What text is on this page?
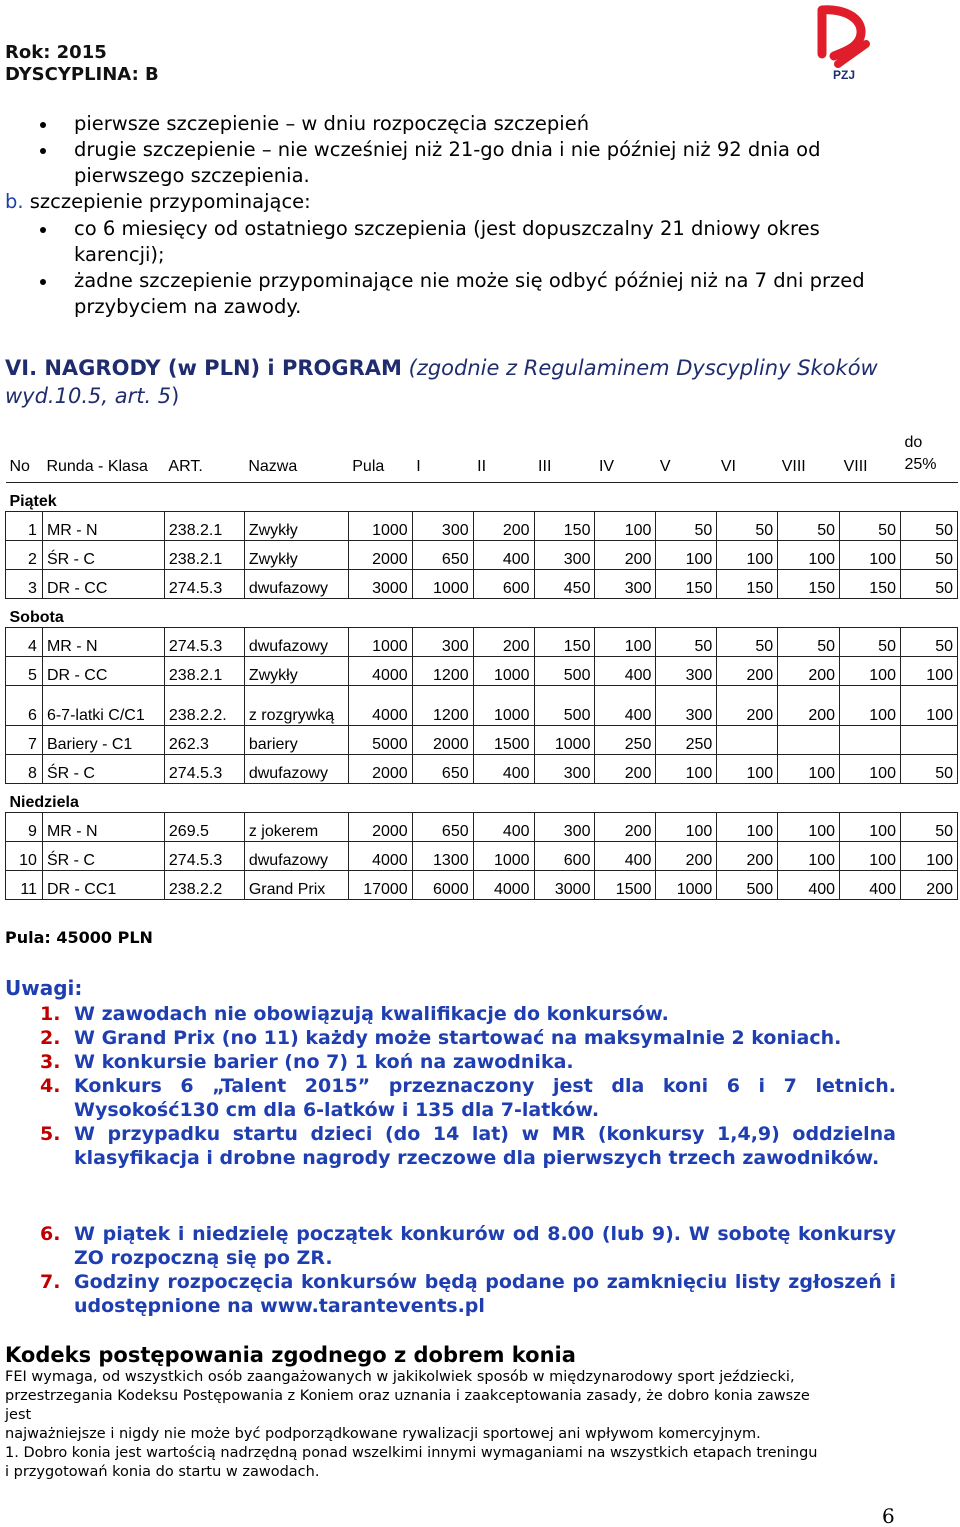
Rok: 2015
DYSCYPLINA: B	PZJ
pierwsze szczepienie – w dniu rozpoczęcia szczepień
drugie szczepienie – nie wcześniej niż 21-go dnia i nie później niż 92 dnia od pierwszego szczepienia.
b. szczepienie przypominające:
co 6 miesięcy od ostatniego szczepienia (jest dopuszczalny 21 dniowy okres karencji);
żadne szczepienie przypominające nie może się odbyć później niż na 7 dni przed przybyciem na zawody.
VI. NAGRODY (w PLN) i PROGRAM (zgodnie z Regulaminem Dyscypliny Skoków wyd.10.5, art. 5)
No	Runda - Klasa	ART.	Nazwa	Pula	I	II	III	IV	V	VI	VIII	VIII	do 25%
Piątek													
1	MR - N	238.2.1	Zwykły	1000	300	200	150	100	50	50	50	50	50
2	ŚR - C	238.2.1	Zwykły	2000	650	400	300	200	100	100	100	100	50
3	DR - CC	274.5.3	dwufazowy	3000	1000	600	450	300	150	150	150	150	50
Sobota													
4	MR - N	274.5.3	dwufazowy	1000	300	200	150	100	50	50	50	50	50
5	DR - CC	238.2.1	Zwykły	4000	1200	1000	500	400	300	200	200	100	100
6	6-7-latki C/C1	238.2.2.	z rozgrywką	4000	1200	1000	500	400	300	200	200	100	100
7	Bariery - C1	262.3	bariery	5000	2000	1500	1000	250	250				
8	ŚR - C	274.5.3	dwufazowy	2000	650	400	300	200	100	100	100	100	50
Niedziela													
9	MR - N	269.5	z jokerem	2000	650	400	300	200	100	100	100	100	50
10	ŚR - C	274.5.3	dwufazowy	4000	1300	1000	600	400	200	200	100	100	100
11	DR - CC1	238.2.2	Grand Prix	17000	6000	4000	3000	1500	1000	500	400	400	200
Pula: 45000 PLN
Uwagi:
1. W zawodach nie obowiązują kwalifikacje do konkursów.
2. W Grand Prix (no 11) każdy może startować na maksymalnie 2 koniach.
3. W konkursie barier (no 7) 1 koń na zawodnika.
4. Konkurs 6 „Talent 2015” przeznaczony jest dla koni 6 i 7 letnich. Wysokość130 cm dla 6-latków i 135 dla 7-latków.
5. W przypadku startu dzieci (do 14 lat) w MR (konkursy 1,4,9) oddzielna klasyfikacja i drobne nagrody rzeczowe dla pierwszych trzech zawodników.
6. W piątek i niedzielę początek konkurów od 8.00 (lub 9). W sobotę konkursy ZO rozpoczną się po ZR.
7. Godziny rozpoczęcia konkursów będą podane po zamknięciu listy zgłoszeń i udostępnione na www.tarantevents.pl
Kodeks postępowania zgodnego z dobrem konia
FEI wymaga, od wszystkich osób zaangażowanych w jakikolwiek sposób w międzynarodowy sport jeździecki,
przestrzegania Kodeksu Postępowania z Koniem oraz uznania i zaakceptowania zasady, że dobro konia zawsze
jest
najważniejsze i nigdy nie może być podporządkowane rywalizacji sportowej ani wpływom komercyjnym.
1. Dobro konia jest wartością nadrzędną ponad wszelkimi innymi wymaganiami na wszystkich etapach treningu
i przygotowań konia do startu w zawodach.
6
